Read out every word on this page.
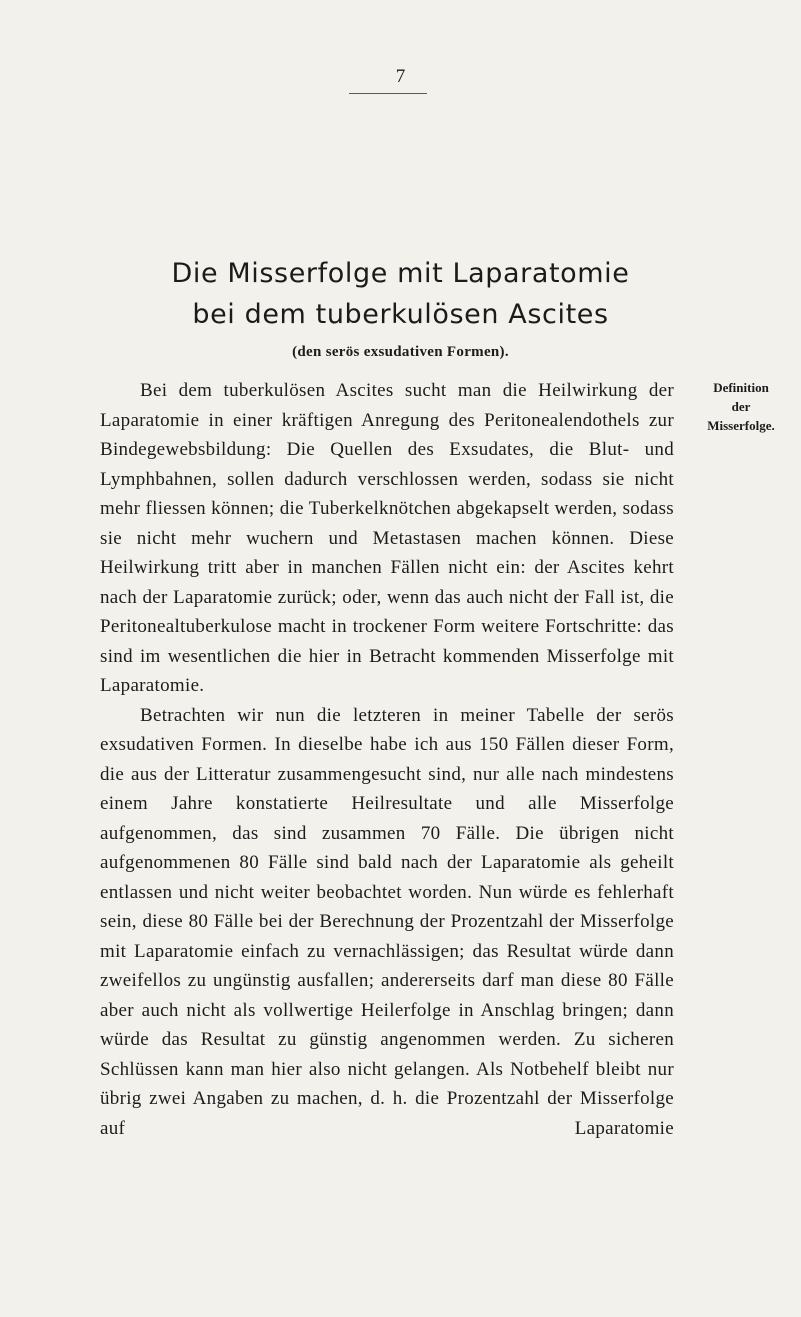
7
Die Misserfolge mit Laparatomie
bei dem tuberkulösen Ascites
(den serös exsudativen Formen).
Definition
der
Misserfolge.

Bei dem tuberkulösen Ascites sucht man die Heilwirkung der Laparatomie in einer kräftigen Anregung des Peritonealendothels zur Bindegewebsbildung: Die Quellen des Exsudates, die Blut- und Lymphbahnen, sollen dadurch verschlossen werden, sodass sie nicht mehr fliessen können; die Tuberkelknötchen abgekapselt werden, sodass sie nicht mehr wuchern und Metastasen machen können. Diese Heilwirkung tritt aber in manchen Fällen nicht ein: der Ascites kehrt nach der Laparatomie zurück; oder, wenn das auch nicht der Fall ist, die Peritonealtuberkulose macht in trockener Form weitere Fortschritte: das sind im wesentlichen die hier in Betracht kommenden Misserfolge mit Laparatomie.

Betrachten wir nun die letzteren in meiner Tabelle der serös exsudativen Formen. In dieselbe habe ich aus 150 Fällen dieser Form, die aus der Litteratur zusammengesucht sind, nur alle nach mindestens einem Jahre konstatierte Heilresultate und alle Misserfolge aufgenommen, das sind zusammen 70 Fälle. Die übrigen nicht aufgenommenen 80 Fälle sind bald nach der Laparatomie als geheilt entlassen und nicht weiter beobachtet worden. Nun würde es fehlerhaft sein, diese 80 Fälle bei der Berechnung der Prozentzahl der Misserfolge mit Laparatomie einfach zu vernachlässigen; das Resultat würde dann zweifellos zu ungünstig ausfallen; andererseits darf man diese 80 Fälle aber auch nicht als vollwertige Heilerfolge in Anschlag bringen; dann würde das Resultat zu günstig angenommen werden. Zu sicheren Schlüssen kann man hier also nicht gelangen. Als Notbehelf bleibt nur übrig zwei Angaben zu machen, d. h. die Prozentzahl der Misserfolge auf Laparatomie
